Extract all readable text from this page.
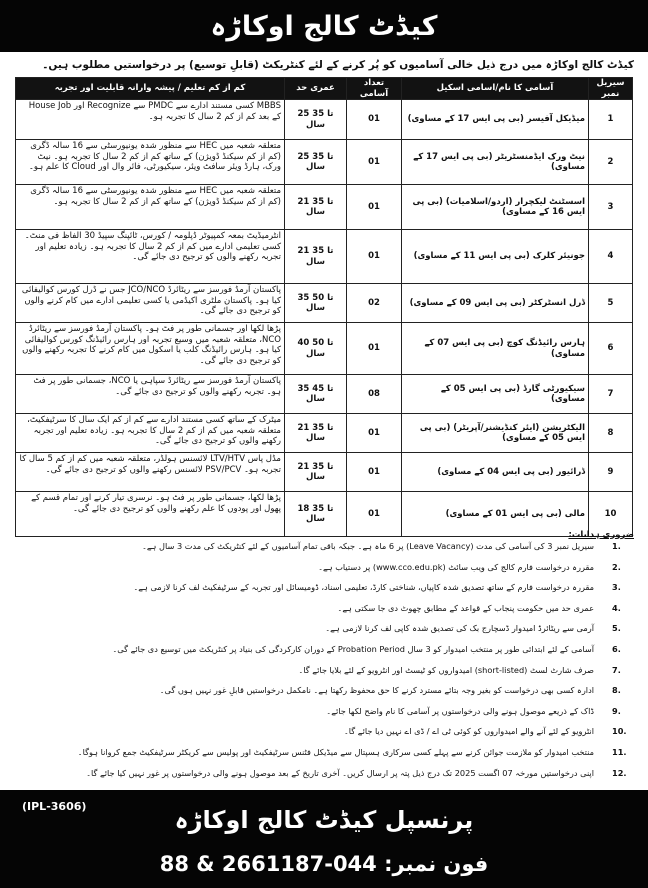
کیڈٹ کالج اوکاڑہ
کیڈٹ کالج اوکاڑہ میں درج ذیل خالی آسامیوں کو پُر کرنے کے لئے کنٹریکٹ (قابلِ توسیع) پر درخواستیں مطلوب ہیں۔
سیریل نمبر	آسامی کا نام/اسامی اسکیل	تعداد آسامی	عمری حد	کم از کم تعلیم / پیشہ وارانہ قابلیت اور تجربہ
1	میڈیکل آفیسر (بی پی ایس 17 کے مساوی)	01	25 تا 35 سال	MBBS کسی مستند ادارے سے PMDC سے Recognize اور House Job کے بعد کم از کم 2 سال کا تجربہ ہو۔
2	نیٹ ورک ایڈمنسٹریٹر (بی پی ایس 17 کے مساوی)	01	25 تا 35 سال	متعلقہ شعبہ میں HEC سے منظور شدہ یونیورسٹی سے 16 سالہ ڈگری (کم از کم سیکنڈ ڈویژن) کے ساتھ کم از کم 2 سال کا تجربہ ہو۔ نیٹ ورک، ہارڈ ویئر سافٹ ویئر، سیکیورٹی، فائر وال اور Cloud کا علم ہو۔
3	اسسٹنٹ لیکچرار (اردو/اسلامیات) (بی پی ایس 16 کے مساوی)	01	21 تا 35 سال	متعلقہ شعبہ میں HEC سے منظور شدہ یونیورسٹی سے 16 سالہ ڈگری (کم از کم سیکنڈ ڈویژن) کے ساتھ کم از کم 2 سال کا تجربہ ہو۔
4	جونیئر کلرک (بی پی ایس 11 کے مساوی)	01	21 تا 35 سال	انٹرمیڈیٹ بمعہ کمپیوٹر ڈپلومہ / کورس، ٹائپنگ سپیڈ 30 الفاظ فی منٹ۔ کسی تعلیمی ادارے میں کم از کم 2 سال کا تجربہ ہو۔ زیادہ تعلیم اور تجربہ رکھنے والوں کو ترجیح دی جائے گی۔
5	ڈرل انسٹرکٹر (بی پی ایس 09 کے مساوی)	02	35 تا 50 سال	پاکستان آرمڈ فورسز سے ریٹائرڈ JCO/NCO جس نے ڈرل کورس کوالیفائی کیا ہو۔ پاکستان ملٹری اکیڈمی یا کسی تعلیمی ادارے میں کام کرنے والوں کو ترجیح دی جائے گی۔
6	ہارس رائیڈنگ کوچ (بی پی ایس 07 کے مساوی)	01	40 تا 50 سال	پڑھا لکھا اور جسمانی طور پر فٹ ہو۔ پاکستان آرمڈ فورسز سے ریٹائرڈ NCO، متعلقہ شعبہ میں وسیع تجربہ اور ہارس رائیڈنگ کورس کوالیفائی کیا ہو۔ ہارس رائیڈنگ کلب یا اسکول میں کام کرنے کا تجربہ رکھنے والوں کو ترجیح دی جائے گی۔
7	سیکیورٹی گارڈ (بی پی ایس 05 کے مساوی)	08	35 تا 45 سال	پاکستان آرمڈ فورسز سے ریٹائرڈ سپاہی یا NCO، جسمانی طور پر فٹ ہو۔ تجربہ رکھنے والوں کو ترجیح دی جائے گی۔
8	الیکٹریشن (ایئر کنڈیشنر/آپریٹر) (بی پی ایس 05 کے مساوی)	01	21 تا 35 سال	میٹرک کے ساتھ کسی مستند ادارے سے کم از کم ایک سال کا سرٹیفکیٹ، متعلقہ شعبہ میں کم از کم 2 سال کا تجربہ ہو۔ زیادہ تعلیم اور تجربہ رکھنے والوں کو ترجیح دی جائے گی۔
9	ڈرائیور (بی پی ایس 04 کے مساوی)	01	21 تا 35 سال	مڈل پاس LTV/HTV لائسنس ہولڈر، متعلقہ شعبہ میں کم از کم 5 سال کا تجربہ ہو۔ PSV/PCV لائسنس رکھنے والوں کو ترجیح دی جائے گی۔
10	مالی (بی پی ایس 01 کے مساوی)	01	18 تا 35 سال	پڑھا لکھا، جسمانی طور پر فٹ ہو۔ نرسری تیار کرنے اور تمام قسم کے پھول اور پودوں کا علم رکھنے والوں کو ترجیح دی جائے گی۔
ضروری ہدایات:
1.
سیریل نمبر 3 کی آسامی کی مدت (Leave Vacancy) پر 6 ماہ ہے۔ جبکہ باقی تمام آسامیوں کے لئے کنٹریکٹ کی مدت 3 سال ہے۔
2.
مقررہ درخواست فارم کالج کی ویب سائٹ (www.cco.edu.pk) پر دستیاب ہے۔
3.
مقررہ درخواست فارم کے ساتھ تصدیق شدہ کاپیاں، شناختی کارڈ، تعلیمی اسناد، ڈومیسائل اور تجربہ کے سرٹیفکیٹ لف کرنا لازمی ہے۔
4.
عمری حد میں حکومت پنجاب کے قواعد کے مطابق چھوٹ دی جا سکتی ہے۔
5.
آرمی سے ریٹائرڈ امیدوار ڈسچارج بک کی تصدیق شدہ کاپی لف کرنا لازمی ہے۔
6.
آسامی کے لئے ابتدائی طور پر منتخب امیدوار کو 3 سال Probation Period کے دوران کارکردگی کی بنیاد پر کنٹریکٹ میں توسیع دی جائے گی۔
7.
صرف شارٹ لسٹ (short-listed) امیدواروں کو ٹیسٹ اور انٹرویو کے لئے بلایا جائے گا۔
8.
ادارہ کسی بھی درخواست کو بغیر وجہ بتائے مسترد کرنے کا حق محفوظ رکھتا ہے۔ نامکمل درخواستیں قابلِ غور نہیں ہوں گی۔
9.
ڈاک کے ذریعے موصول ہونے والی درخواستوں پر آسامی کا نام واضح لکھا جائے۔
10.
انٹرویو کے لئے آنے والے امیدواروں کو کوئی ٹی اے / ڈی اے نہیں دیا جائے گا۔
11.
منتخب امیدوار کو ملازمت جوائن کرنے سے پہلے کسی سرکاری ہسپتال سے میڈیکل فٹنس سرٹیفکیٹ اور پولیس سے کریکٹر سرٹیفکیٹ جمع کروانا ہوگا۔
12.
اپنی درخواستیں مورخہ 07 اگست 2025 تک درج ذیل پتہ پر ارسال کریں۔ آخری تاریخ کے بعد موصول ہونے والی درخواستوں پر غور نہیں کیا جائے گا۔
(IPL-3606)	پرنسپل کیڈٹ کالج اوکاڑہ
فون نمبر: 044-2661187 & 88
